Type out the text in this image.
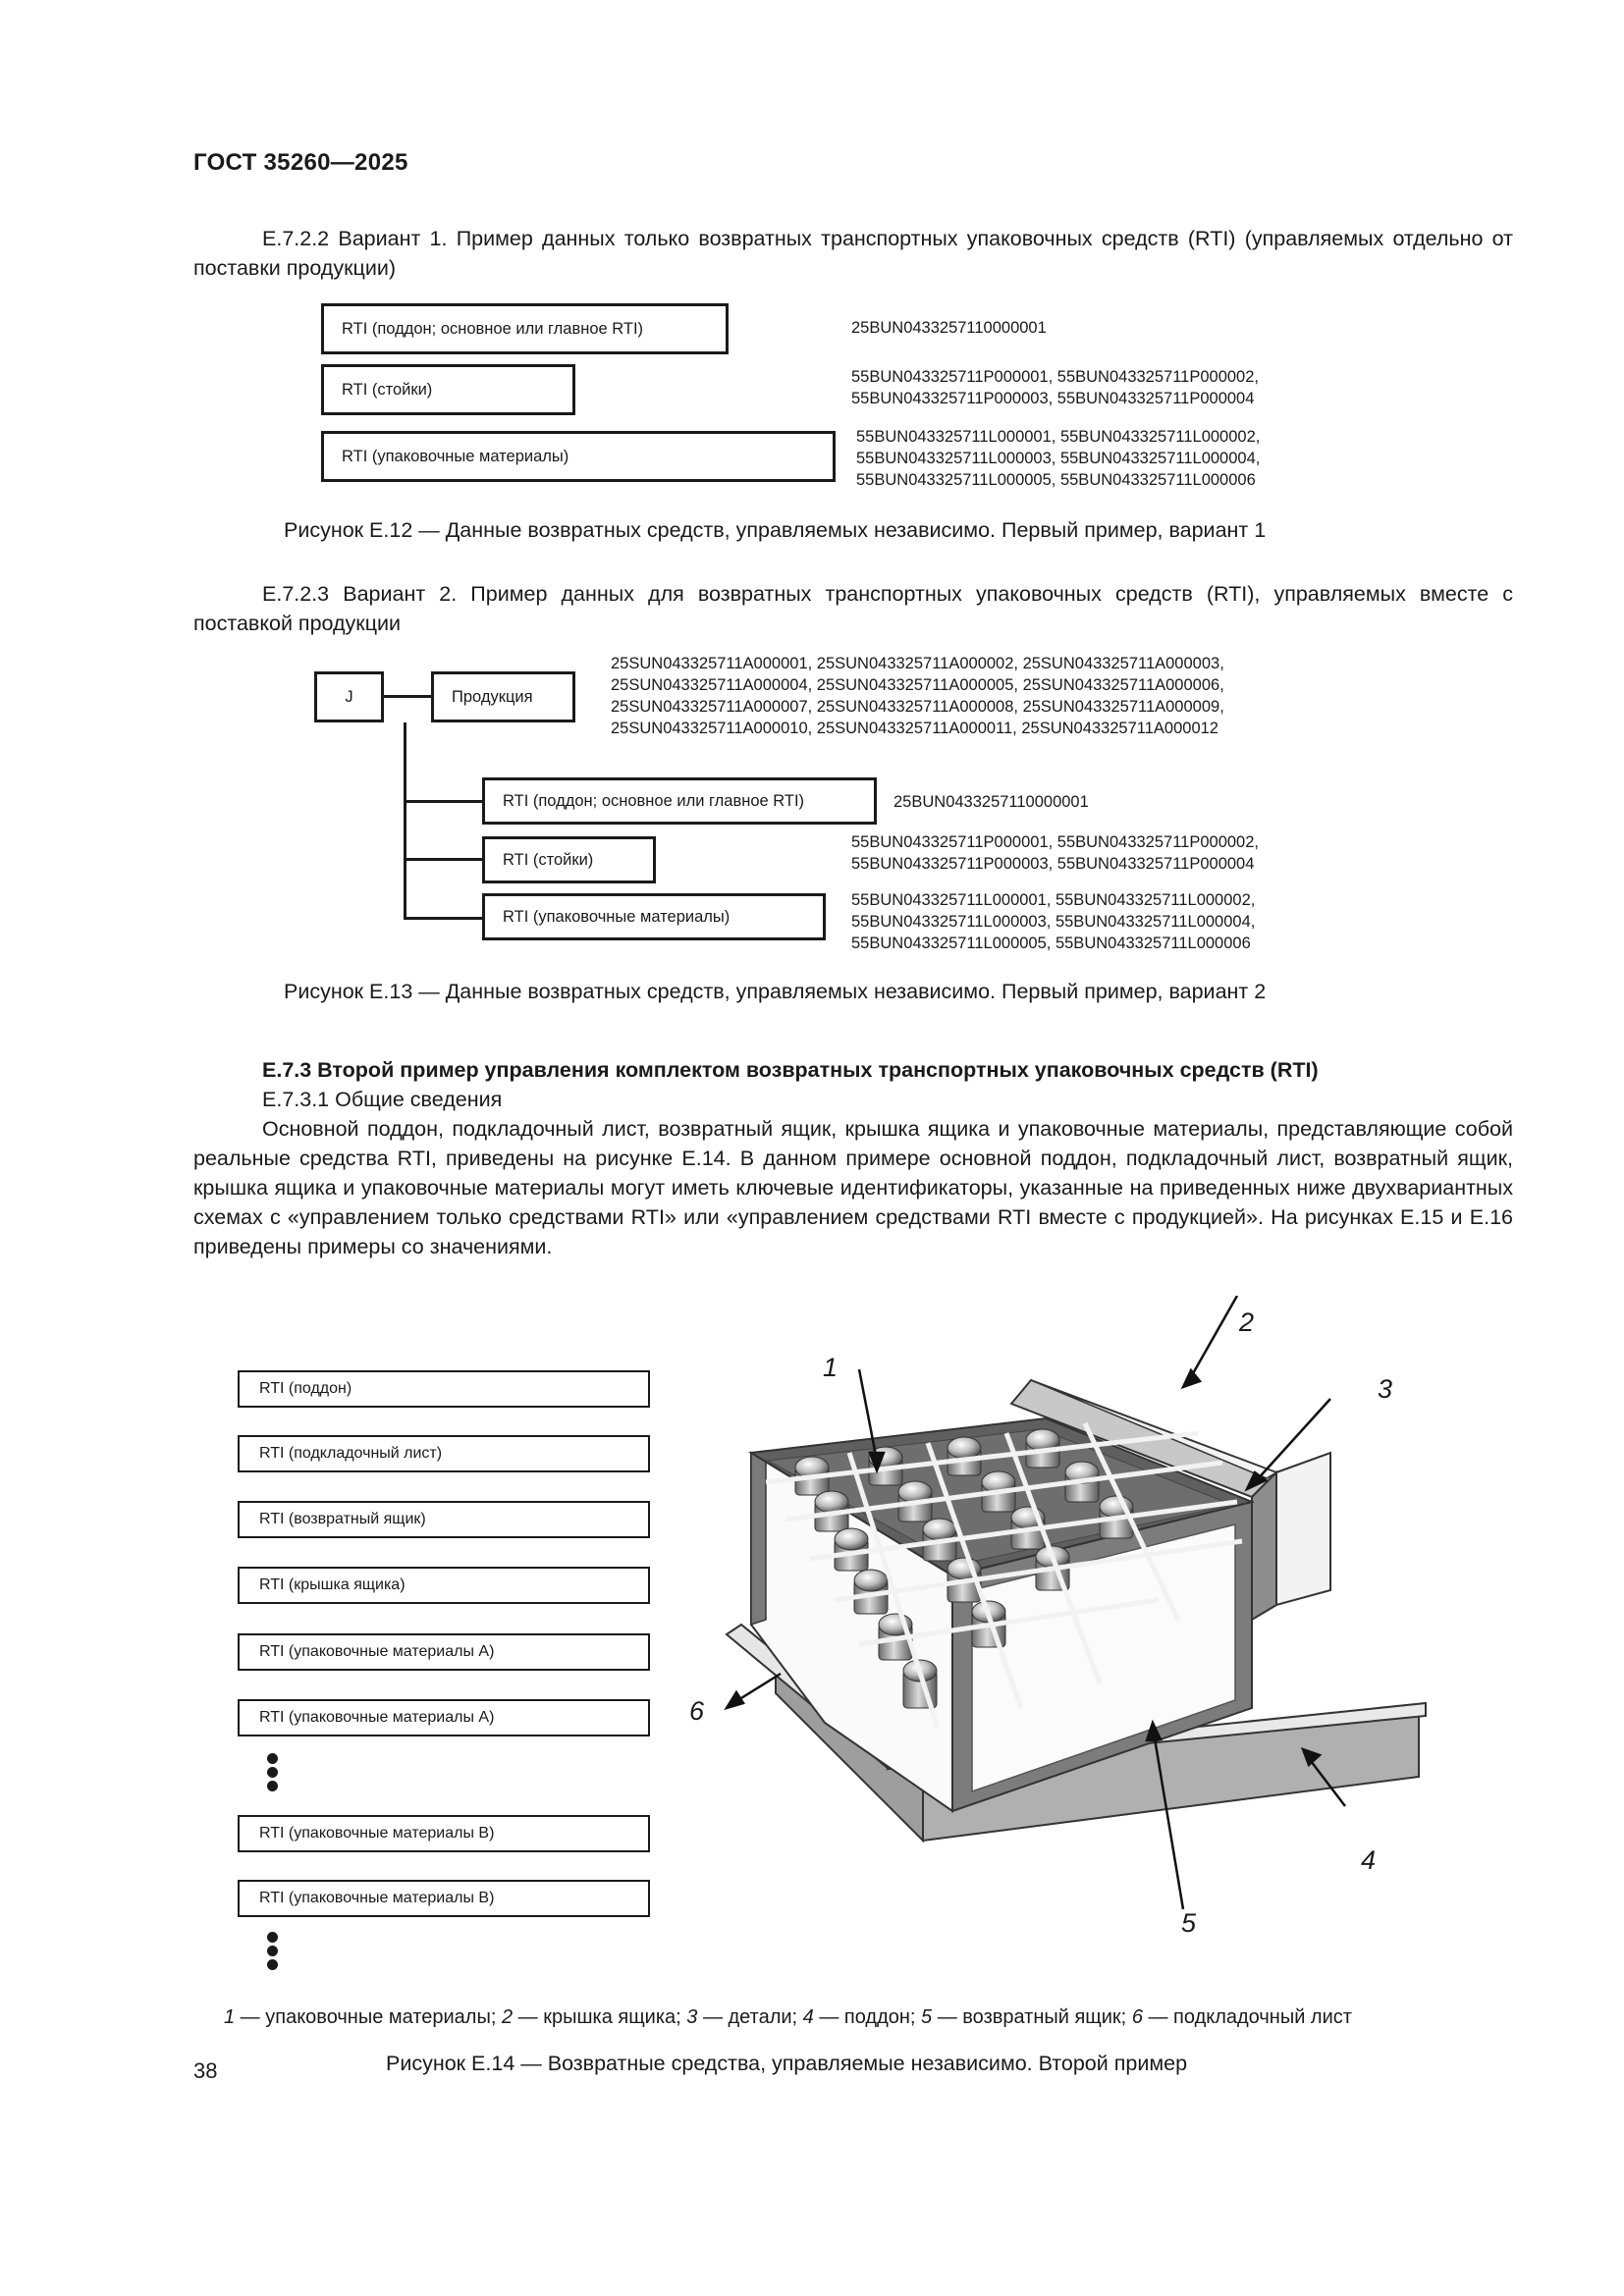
ГОСТ 35260—2025
Е.7.2.2 Вариант 1. Пример данных только возвратных транспортных упаковочных средств (RTI) (управляемых отдельно от поставки продукции)
RTI (поддон; основное или главное RTI)
RTI (стойки)
RTI (упаковочные материалы)
25BUN0433257110000001
55BUN043325711P000001, 55BUN043325711P000002,
55BUN043325711P000003, 55BUN043325711P000004
55BUN043325711L000001, 55BUN043325711L000002,
55BUN043325711L000003, 55BUN043325711L000004,
55BUN043325711L000005, 55BUN043325711L000006
Рисунок Е.12 — Данные возвратных средств, управляемых независимо. Первый пример, вариант 1
Е.7.2.3 Вариант 2. Пример данных для возвратных транспортных упаковочных средств (RTI), управляемых вместе с поставкой продукции
J	Продукция
25SUN043325711A000001, 25SUN043325711A000002, 25SUN043325711A000003,
25SUN043325711A000004, 25SUN043325711A000005, 25SUN043325711A000006,
25SUN043325711A000007, 25SUN043325711A000008, 25SUN043325711A000009,
25SUN043325711A000010, 25SUN043325711A000011, 25SUN043325711A000012
RTI (поддон; основное или главное RTI)
RTI (стойки)
RTI (упаковочные материалы)
25BUN0433257110000001
55BUN043325711P000001, 55BUN043325711P000002,
55BUN043325711P000003, 55BUN043325711P000004
55BUN043325711L000001, 55BUN043325711L000002,
55BUN043325711L000003, 55BUN043325711L000004,
55BUN043325711L000005, 55BUN043325711L000006
Рисунок Е.13 — Данные возвратных средств, управляемых независимо. Первый пример, вариант 2
Е.7.3 Второй пример управления комплектом возвратных транспортных упаковочных средств (RTI)
Е.7.3.1 Общие сведения
Основной поддон, подкладочный лист, возвратный ящик, крышка ящика и упаковочные материалы, представляющие собой реальные средства RTI, приведены на рисунке Е.14. В данном примере основной поддон, подкладочный лист, возвратный ящик, крышка ящика и упаковочные материалы могут иметь ключевые идентификаторы, указанные на приведенных ниже двухвариантных схемах с «управлением только средствами RTI» или «управлением средствами RTI вместе с продукцией». На рисунках Е.15 и Е.16 приведены примеры со значениями.
RTI (поддон)
RTI (подкладочный лист)
RTI (возвратный ящик)
RTI (крышка ящика)
RTI (упаковочные материалы А)
RTI (упаковочные материалы А)
RTI (упаковочные материалы В)
RTI (упаковочные материалы В)
1
2
3
4
5
6
1 — упаковочные материалы; 2 — крышка ящика; 3 — детали; 4 — поддон; 5 — возвратный ящик; 6 — подкладочный лист
Рисунок Е.14 — Возвратные средства, управляемые независимо. Второй пример
38
